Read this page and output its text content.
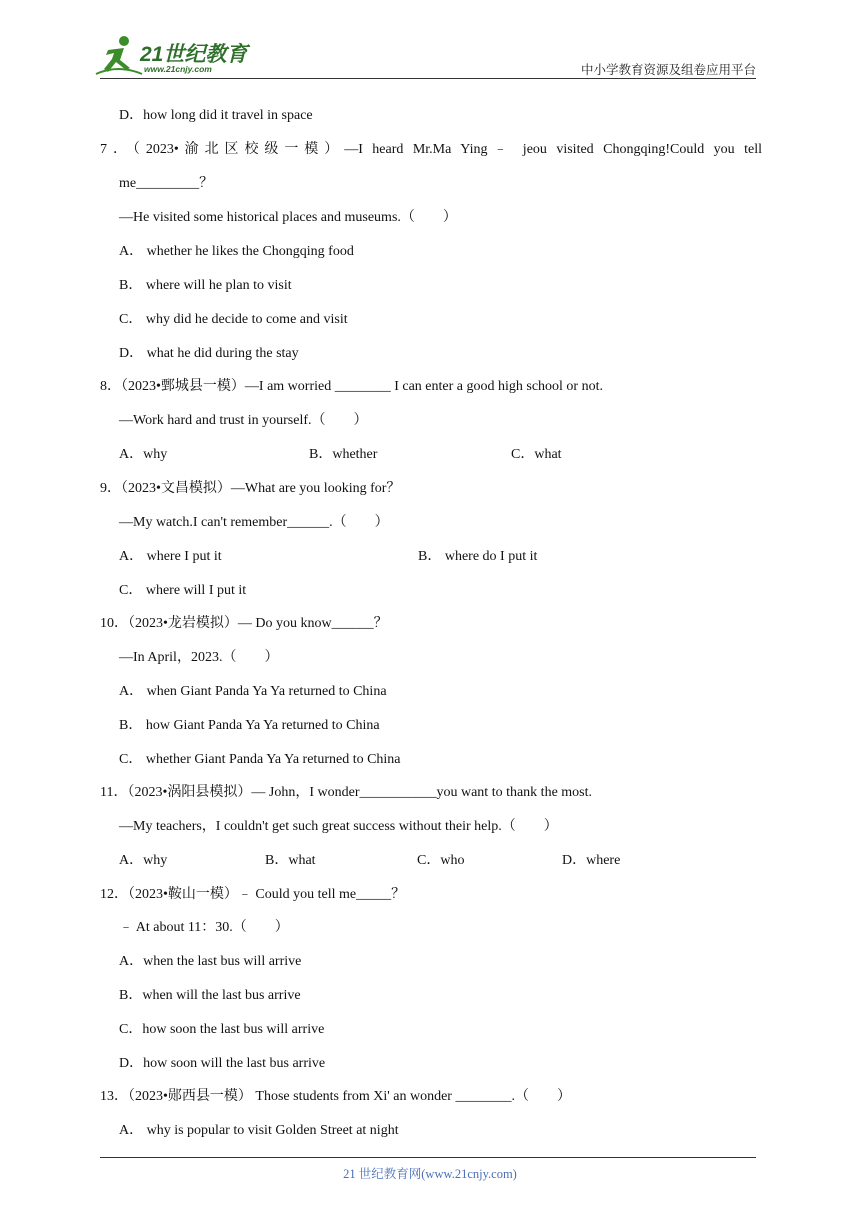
21世纪教育
www.21cnjy.com	中小学教育资源及组卷应用平台
D．how long did it travel in space
7．（2023•渝北区校级一模）—I heard Mr.Ma Ying﹣ jeou visited Chongqing!Could you tell
me_________？
—He visited some historical places and museums.（　　）
A． whether he likes the Chongqing food
B． where will he plan to visit
C． why did he decide to come and visit
D． what he did during the stay
8．（2023•鄄城县一模）—I am worried ________ I can enter a good high school or not.
—Work hard and trust in yourself.（　　）
A．why	B．whether	C．what
9．（2023•文昌模拟）—What are you looking for？
—My watch.I can't remember______.（　　）
A． where I put it	B． where do I put it
C． where will I put it
10．（2023•龙岩模拟）— Do you know______？
—In April，2023.（　　）
A． when Giant Panda Ya Ya returned to China
B． how Giant Panda Ya Ya returned to China
C． whether Giant Panda Ya Ya returned to China
11．（2023•涡阳县模拟）— John，I wonder___________you want to thank the most.
—My teachers，I couldn't get such great success without their help.（　　）
A．why	B．what	C．who	D．where
12．（2023•鞍山一模）﹣ Could you tell me_____？
﹣ At about 11：30.（　　）
A．when the last bus will arrive
B．when will the last bus arrive
C．how soon the last bus will arrive
D．how soon will the last bus arrive
13．（2023•郧西县一模） Those students from Xi' an wonder ________.（　　）
A． why is popular to visit Golden Street at night
21 世纪教育网(www.21cnjy.com)
